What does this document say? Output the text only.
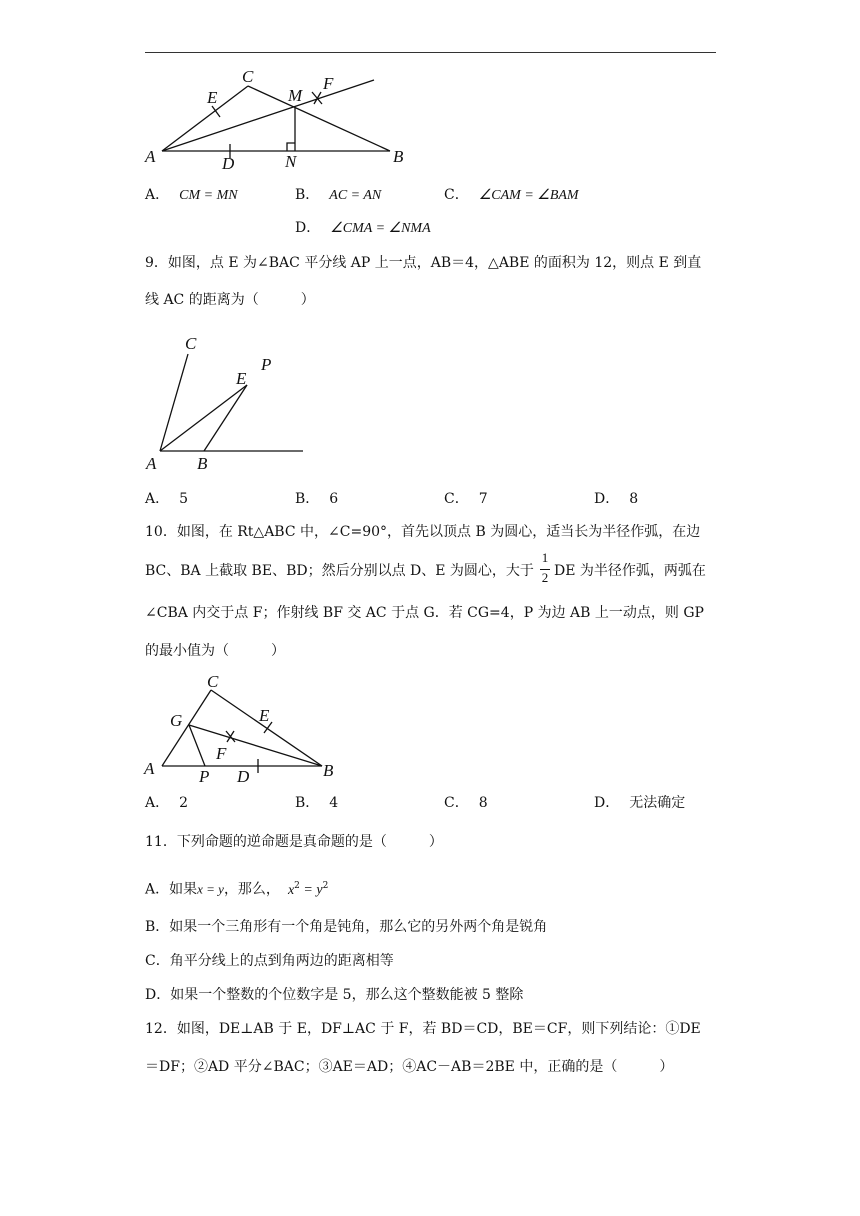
A
C
E	M
F
D	N	B
A． CM = MN	B． AC = AN	C． ∠CAM = ∠BAM
D． ∠CMA = ∠NMA
9．如图，点 E 为∠BAC 平分线 AP 上一点，AB＝4，△ABE 的面积为 12，则点 E 到直
线 AC 的距离为（　　　）
C
P
E
A B
A． 5	B． 6	C． 7	D． 8
10．如图，在 Rt△ABC 中，∠C=90°，首先以顶点 B 为圆心，适当长为半径作弧，在边
BC、BA 上截取 BE、BD；然后分别以点 D、E 为圆心，大于
1
2 DE 为半径作弧，两弧在
∠CBA 内交于点 F；作射线 BF 交 AC 于点 G．若 CG=4，P 为边 AB 上一动点，则 GP
的最小值为（　　　）
C
G	E
F
A	P D	B
A． 2	B． 4	C． 8	D． 无法确定
11．下列命题的逆命题是真命题的是（　　　）
A．如果x = y，那么， $x^2 = y^2$
B．如果一个三角形有一个角是钝角，那么它的另外两个角是锐角
C．角平分线上的点到角两边的距离相等
D．如果一个整数的个位数字是 5，那么这个整数能被 5 整除
12．如图，DE⊥AB 于 E，DF⊥AC 于 F，若 BD＝CD，BE＝CF，则下列结论：①DE
＝DF；②AD 平分∠BAC；③AE＝AD；④AC－AB＝2BE 中，正确的是（　　　）
